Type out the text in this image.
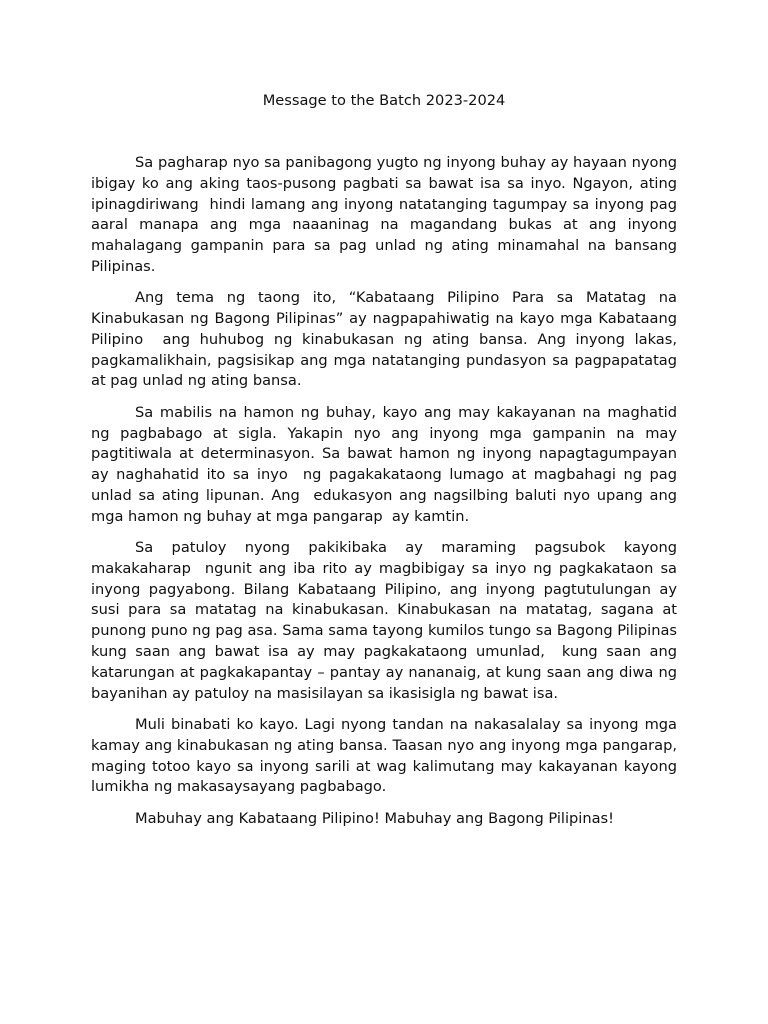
Message to the Batch 2023-2024

Sa pagharap nyo sa panibagong yugto ng inyong buhay ay hayaan nyong ibigay ko ang aking taos-pusong pagbati sa bawat isa sa inyo. Ngayon, ating ipinagdiriwang  hindi lamang ang inyong natatanging tagumpay sa inyong pag aaral manapa ang mga naaaninag na magandang bukas at ang inyong mahalagang gampanin para sa pag unlad ng ating minamahal na bansang Pilipinas.

Ang tema ng taong ito, “Kabataang Pilipino Para sa Matatag na Kinabukasan ng Bagong Pilipinas” ay nagpapahiwatig na kayo mga Kabataang Pilipino  ang huhubog ng kinabukasan ng ating bansa. Ang inyong lakas, pagkamalikhain, pagsisikap ang mga natatanging pundasyon sa pagpapatatag at pag unlad ng ating bansa.

Sa mabilis na hamon ng buhay, kayo ang may kakayanan na maghatid ng pagbabago at sigla. Yakapin nyo ang inyong mga gampanin na may pagtitiwala at determinasyon. Sa bawat hamon ng inyong napagtagumpayan ay naghahatid ito sa inyo  ng pagakakataong lumago at magbahagi ng pag unlad sa ating lipunan. Ang  edukasyon ang nagsilbing baluti nyo upang ang mga hamon ng buhay at mga pangarap  ay kamtin.

Sa patuloy nyong pakikibaka ay maraming pagsubok kayong makakaharap  ngunit ang iba rito ay magbibigay sa inyo ng pagkakataon sa inyong pagyabong. Bilang Kabataang Pilipino, ang inyong pagtutulungan ay susi para sa matatag na kinabukasan. Kinabukasan na matatag, sagana at punong puno ng pag asa. Sama sama tayong kumilos tungo sa Bagong Pilipinas kung saan ang bawat isa ay may pagkakataong umunlad,  kung saan ang katarungan at pagkakapantay – pantay ay nananaig, at kung saan ang diwa ng bayanihan ay patuloy na masisilayan sa ikasisigla ng bawat isa.

Muli binabati ko kayo. Lagi nyong tandan na nakasalalay sa inyong mga kamay ang kinabukasan ng ating bansa. Taasan nyo ang inyong mga pangarap, maging totoo kayo sa inyong sarili at wag kalimutang may kakayanan kayong lumikha ng makasaysayang pagbabago.

Mabuhay ang Kabataang Pilipino! Mabuhay ang Bagong Pilipinas!
